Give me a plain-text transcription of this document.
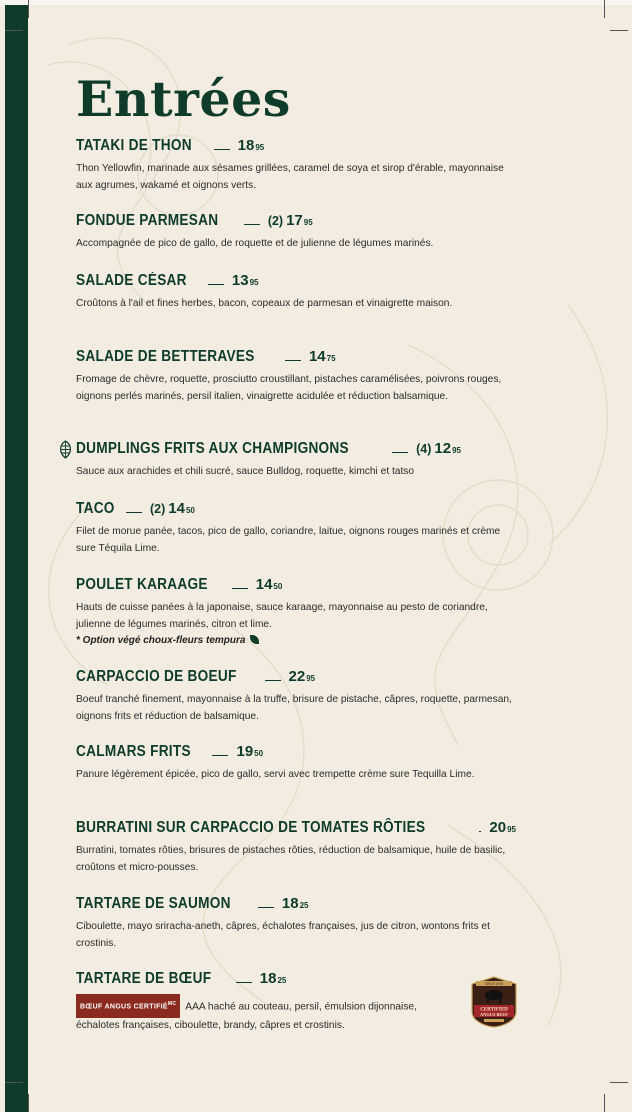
Entrées
TATAKI DE THON	18 95
Thon Yellowfin, marinade aux sésames grillées, caramel de soya et sirop d'érable, mayonnaise aux agrumes, wakamé et oignons verts.
FONDUE PARMESAN	(2) 17 95
Accompagnée de pico de gallo, de roquette et de julienne de légumes marinés.
SALADE CÉSAR	13 95
Croûtons à l'ail et fines herbes, bacon, copeaux de parmesan et vinaigrette maison.
SALADE DE BETTERAVES	14 75
Fromage de chèvre, roquette, prosciutto croustillant, pistaches caramélisées, poivrons rouges, oignons perlés marinés, persil italien, vinaigrette acidulée et réduction balsamique.
DUMPLINGS FRITS AUX CHAMPIGNONS	(4) 12 95
Sauce aux arachides et chili sucré, sauce Bulldog, roquette, kimchi et tatso
TACO	(2) 14 50
Filet de morue panée, tacos, pico de gallo, coriandre, laitue, oignons rouges marinés et crème sure Téquila Lime.
POULET KARAAGE	14 50
Hauts de cuisse panées à la japonaise, sauce karaage, mayonnaise au pesto de coriandre, julienne de légumes marinés, citron et lime.
* Option végé choux-fleurs tempura
CARPACCIO DE BOEUF	22 95
Boeuf tranché finement, mayonnaise à la truffe, brisure de pistache, câpres, roquette, parmesan, oignons frits et réduction de balsamique.
CALMARS FRITS	19 50
Panure légèrement épicée, pico de gallo, servi avec trempette crème sure Tequilla Lime.
BURRATINI SUR CARPACCIO DE TOMATES RÔTIES	20 95
Burratini, tomates rôties, brisures de pistaches rôties, réduction de balsamique, huile de basilic, croûtons et micro-pousses.
TARTARE DE SAUMON	18 25
Ciboulette, mayo sriracha-aneth, câpres, échalotes françaises, jus de citron, wontons frits et crostinis.
TARTARE DE BŒUF	18 25
BŒUF ANGUS $CERTIFIÉ^{MC}$ AAA haché au couteau, persil, émulsion dijonnaise, échalotes françaises, ciboulette, brandy, câpres et crostinis.
SINCE 1978
CERTIFIED
ANGUS BEEF
